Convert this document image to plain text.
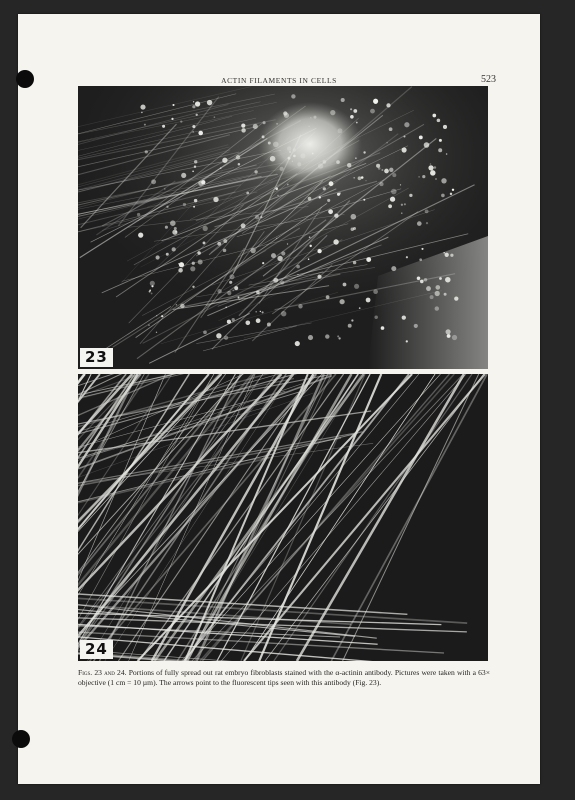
ACTIN FILAMENTS IN CELLS	523
23
24
Figs. 23 and 24. Portions of fully spread out rat embryo fibroblasts stained with the α-actinin antibody. Pictures were taken with a 63× objective (1 cm = 10 µm). The arrows point to the fluorescent tips seen with this antibody (Fig. 23).
